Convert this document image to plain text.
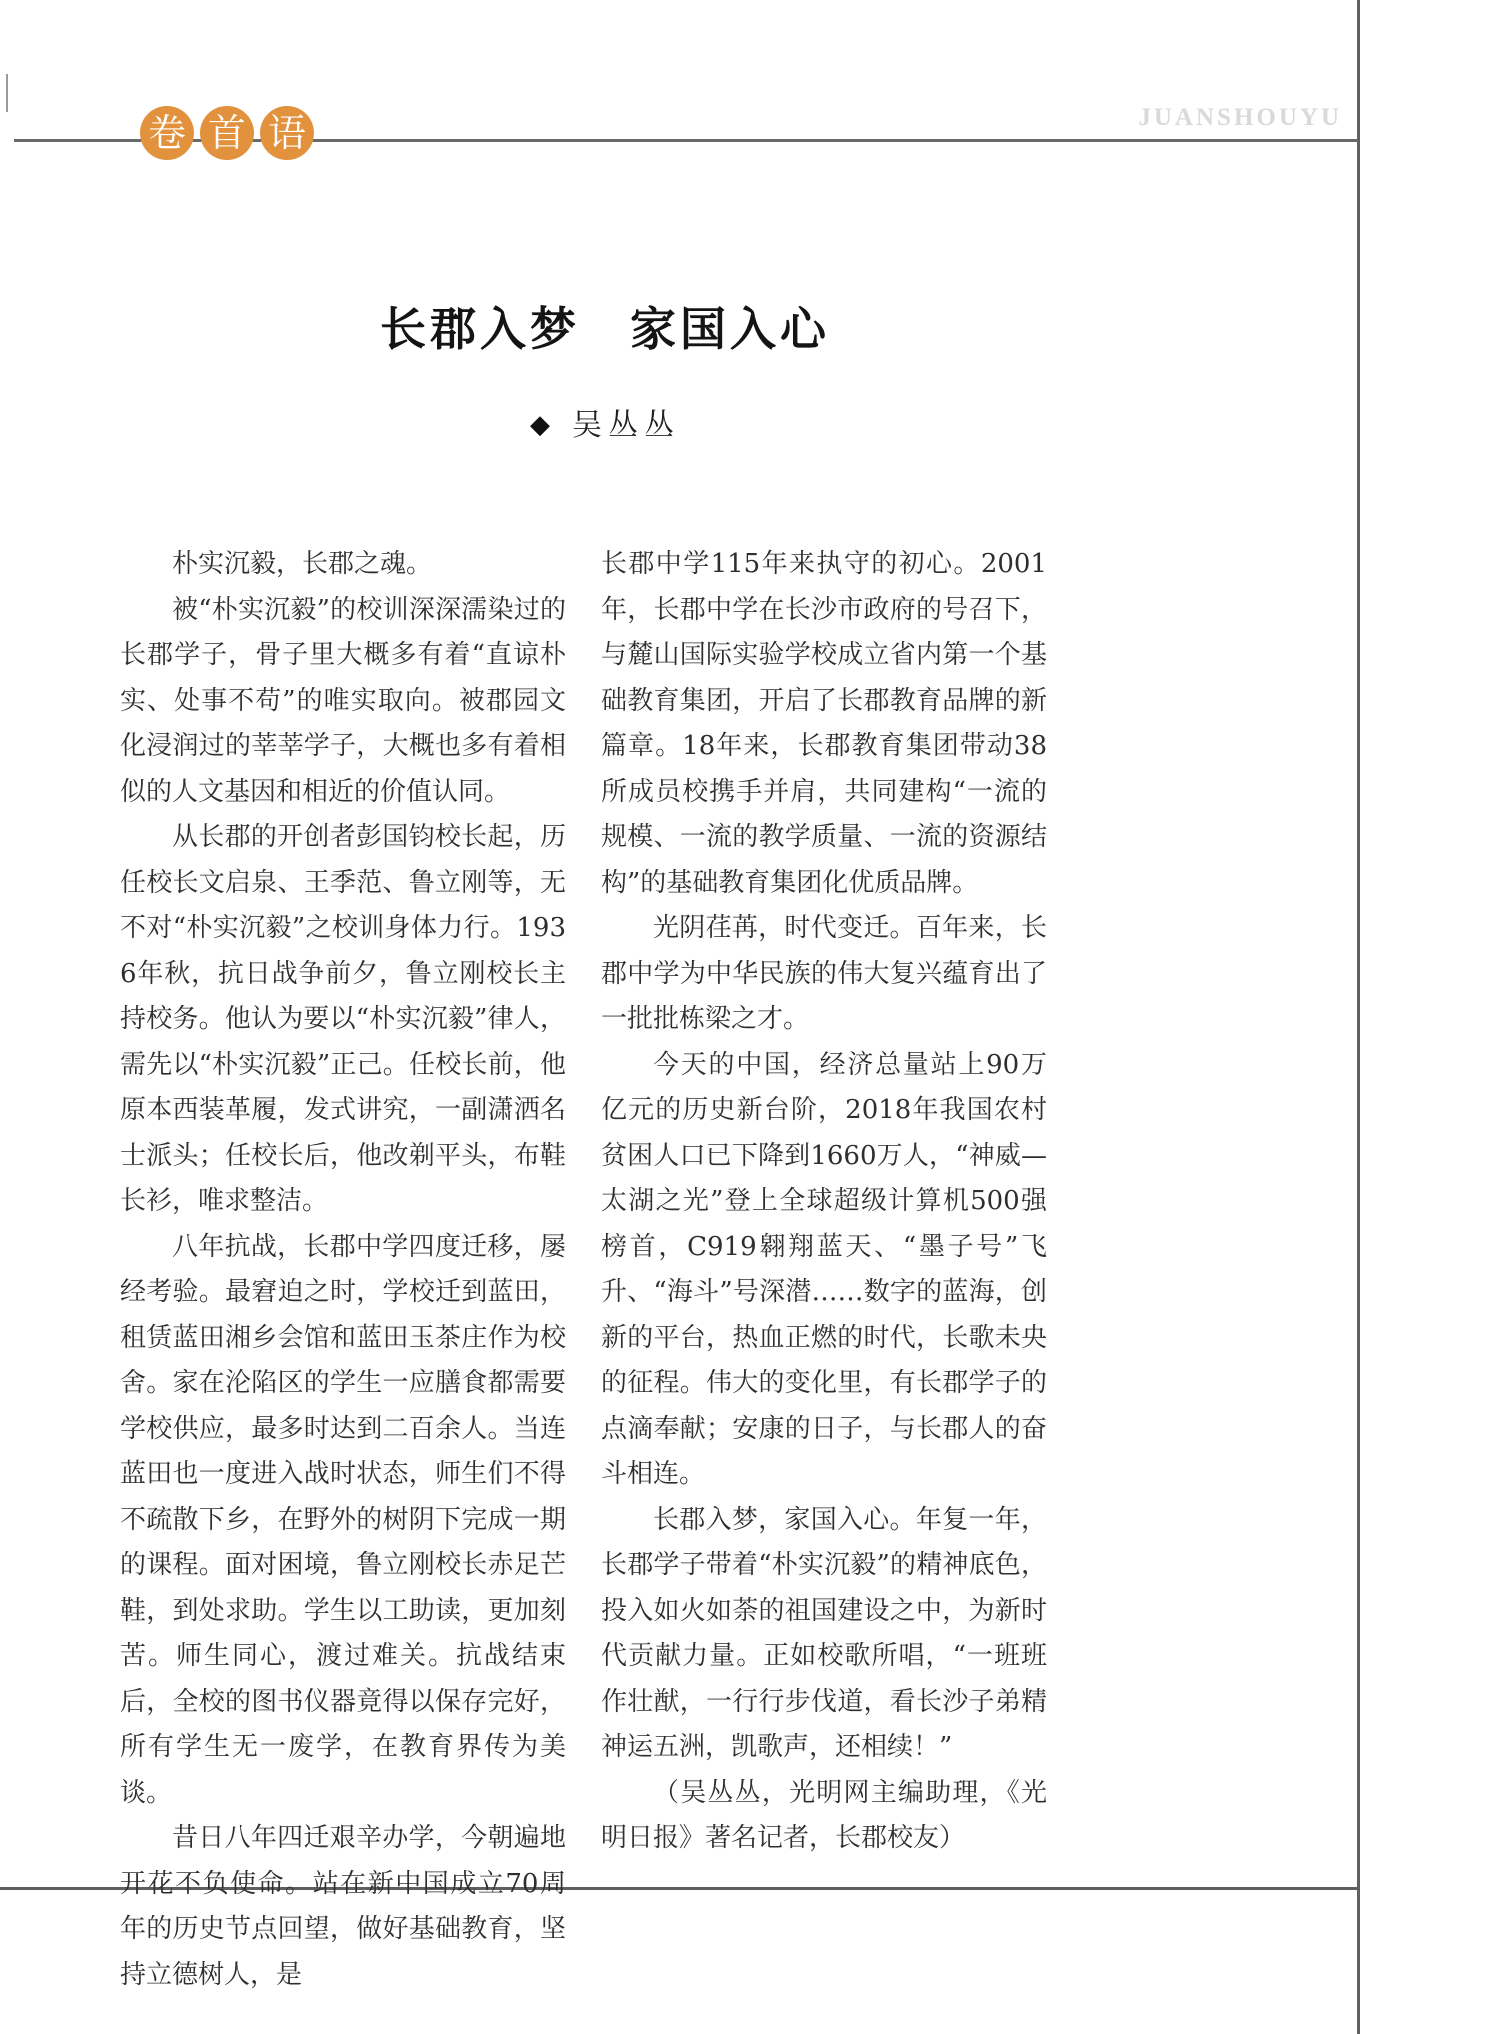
JUANSHOUYU
卷 首 语
长郡入梦　家国入心
◆ 吴丛丛

朴实沉毅，长郡之魂。

被“朴实沉毅”的校训深深濡染过的长郡学子，骨子里大概多有着“直谅朴实、处事不苟”的唯实取向。被郡园文化浸润过的莘莘学子，大概也多有着相似的人文基因和相近的价值认同。

从长郡的开创者彭国钧校长起，历任校长文启泉、王季范、鲁立刚等，无不对“朴实沉毅”之校训身体力行。1936年秋，抗日战争前夕，鲁立刚校长主持校务。他认为要以“朴实沉毅”律人，需先以“朴实沉毅”正己。任校长前，他原本西装革履，发式讲究，一副潇洒名士派头；任校长后，他改剃平头，布鞋长衫，唯求整洁。

八年抗战，长郡中学四度迁移，屡经考验。最窘迫之时，学校迁到蓝田，租赁蓝田湘乡会馆和蓝田玉茶庄作为校舍。家在沦陷区的学生一应膳食都需要学校供应，最多时达到二百余人。当连蓝田也一度进入战时状态，师生们不得不疏散下乡，在野外的树阴下完成一期的课程。面对困境，鲁立刚校长赤足芒鞋，到处求助。学生以工助读，更加刻苦。师生同心，渡过难关。抗战结束后，全校的图书仪器竟得以保存完好，所有学生无一废学，在教育界传为美谈。

昔日八年四迁艰辛办学，今朝遍地开花不负使命。站在新中国成立70周年的历史节点回望，做好基础教育，坚持立德树人，是

长郡中学115年来执守的初心。2001年，长郡中学在长沙市政府的号召下，与麓山国际实验学校成立省内第一个基础教育集团，开启了长郡教育品牌的新篇章。18年来，长郡教育集团带动38所成员校携手并肩，共同建构“一流的规模、一流的教学质量、一流的资源结构”的基础教育集团化优质品牌。

光阴荏苒，时代变迁。百年来，长郡中学为中华民族的伟大复兴蕴育出了一批批栋梁之才。

今天的中国，经济总量站上90万亿元的历史新台阶，2018年我国农村贫困人口已下降到1660万人，“神威—太湖之光”登上全球超级计算机500强榜首，C919翱翔蓝天、“墨子号”飞升、“海斗”号深潜……数字的蓝海，创新的平台，热血正燃的时代，长歌未央的征程。伟大的变化里，有长郡学子的点滴奉献；安康的日子，与长郡人的奋斗相连。

长郡入梦，家国入心。年复一年，长郡学子带着“朴实沉毅”的精神底色，投入如火如荼的祖国建设之中，为新时代贡献力量。正如校歌所唱，“一班班作壮猷，一行行步伐道，看长沙子弟精神运五洲，凯歌声，还相续！”

（吴丛丛，光明网主编助理，《光明日报》著名记者，长郡校友）
